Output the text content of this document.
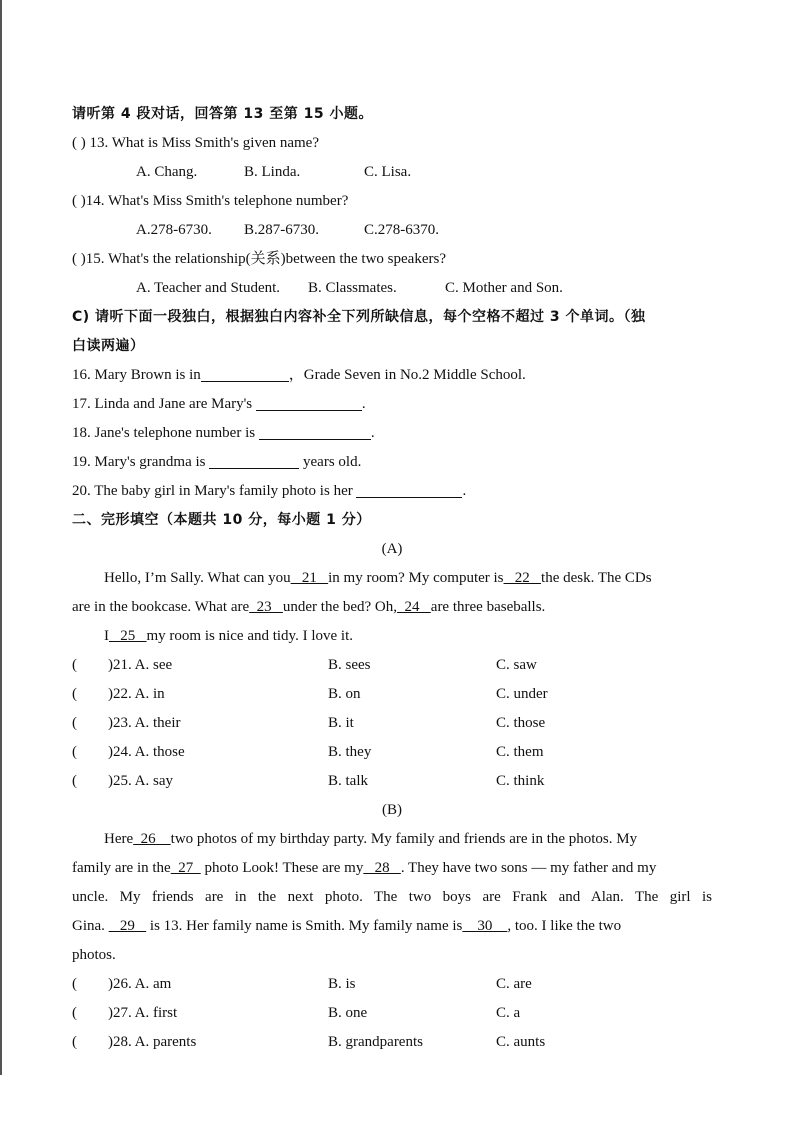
请听第 4 段对话，回答第 13 至第 15 小题。
( ) 13. What is Miss Smith's given name?
A. Chang.	B. Linda.	C. Lisa.
( )14. What's Miss Smith's telephone number?
A.278-6730. B.287-6730.	C.278-6370.
( )15. What's the relationship(关系)between the two speakers?
A. Teacher and Student. B. Classmates.	C. Mother and Son.
C) 请听下面一段独白，根据独白内容补全下列所缺信息，每个空格不超过 3 个单词。（独
白读两遍）
16. Mary Brown is in	，Grade Seven in No.2 Middle School.
17. Linda and Jane are Mary's	.
18. Jane's telephone number is	.
19. Mary's grandma is	years old.
20. The baby girl in Mary's family photo is her	.
二、完形填空（本题共 10 分，每小题 1 分）
(A)
Hello, I’m Sally. What can you   21   in my room? My computer is   22   the desk. The CDs
are in the bookcase. What are  23   under the bed? Oh,  24   are three baseballs.
I   25   my room is nice and tidy. I love it.
( )21. A. see	B. sees	C. saw
( )22. A. in	B. on	C. under
( )23. A. their	B. it	C. those
( )24. A. those	B. they	C. them
( )25. A. say	B. talk	C. think
(B)
Here  26    two photos of my birthday party. My family and friends are in the photos. My
family are in the  27   photo Look! These are my   28   . They have two sons — my father and my
uncle. My friends are in the next photo. The two boys are Frank and Alan. The girl is
Gina.    29    is 13. Her family name is Smith. My family name is    30    , too. I like the two
photos.
( )26. A. am	B. is	C. are
( )27. A. first	B. one	C. a
( )28. A. parents	B. grandparents	C. aunts
